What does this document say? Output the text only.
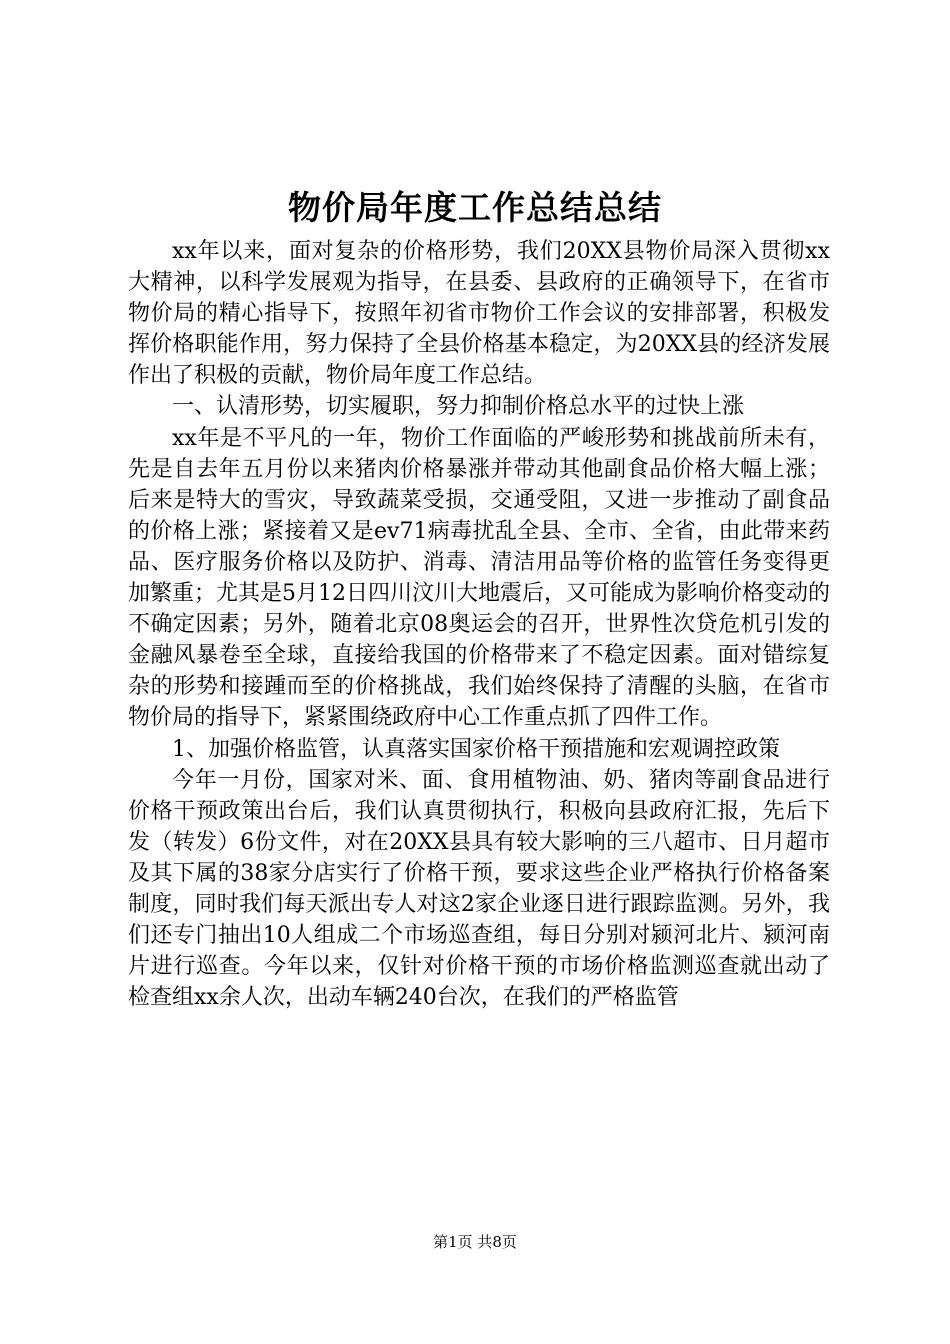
物价局年度工作总结总结

xx年以来，面对复杂的价格形势，我们20XX县物价局深入贯彻xx大精神，以科学发展观为指导，在县委、县政府的正确领导下，在省市物价局的精心指导下，按照年初省市物价工作会议的安排部署，积极发挥价格职能作用，努力保持了全县价格基本稳定，为20XX县的经济发展作出了积极的贡献，物价局年度工作总结。

一、认清形势，切实履职，努力抑制价格总水平的过快上涨

xx年是不平凡的一年，物价工作面临的严峻形势和挑战前所未有，先是自去年五月份以来猪肉价格暴涨并带动其他副食品价格大幅上涨；后来是特大的雪灾，导致蔬菜受损，交通受阻，又进一步推动了副食品的价格上涨；紧接着又是ev71病毒扰乱全县、全市、全省，由此带来药品、医疗服务价格以及防护、消毒、清洁用品等价格的监管任务变得更加繁重；尤其是5月12日四川汶川大地震后，又可能成为影响价格变动的不确定因素；另外，随着北京08奥运会的召开，世界性次贷危机引发的金融风暴卷至全球，直接给我国的价格带来了不稳定因素。面对错综复杂的形势和接踵而至的价格挑战，我们始终保持了清醒的头脑，在省市物价局的指导下，紧紧围绕政府中心工作重点抓了四件工作。

1、加强价格监管，认真落实国家价格干预措施和宏观调控政策

今年一月份，国家对米、面、食用植物油、奶、猪肉等副食品进行价格干预政策出台后，我们认真贯彻执行，积极向县政府汇报，先后下发（转发）6份文件，对在20XX县具有较大影响的三八超市、日月超市及其下属的38家分店实行了价格干预，要求这些企业严格执行价格备案制度，同时我们每天派出专人对这2家企业逐日进行跟踪监测。另外，我们还专门抽出10人组成二个市场巡查组，每日分别对颍河北片、颍河南片进行巡查。今年以来，仅针对价格干预的市场价格监测巡查就出动了检查组xx余人次，出动车辆240台次，在我们的严格监管

第1页 共8页
